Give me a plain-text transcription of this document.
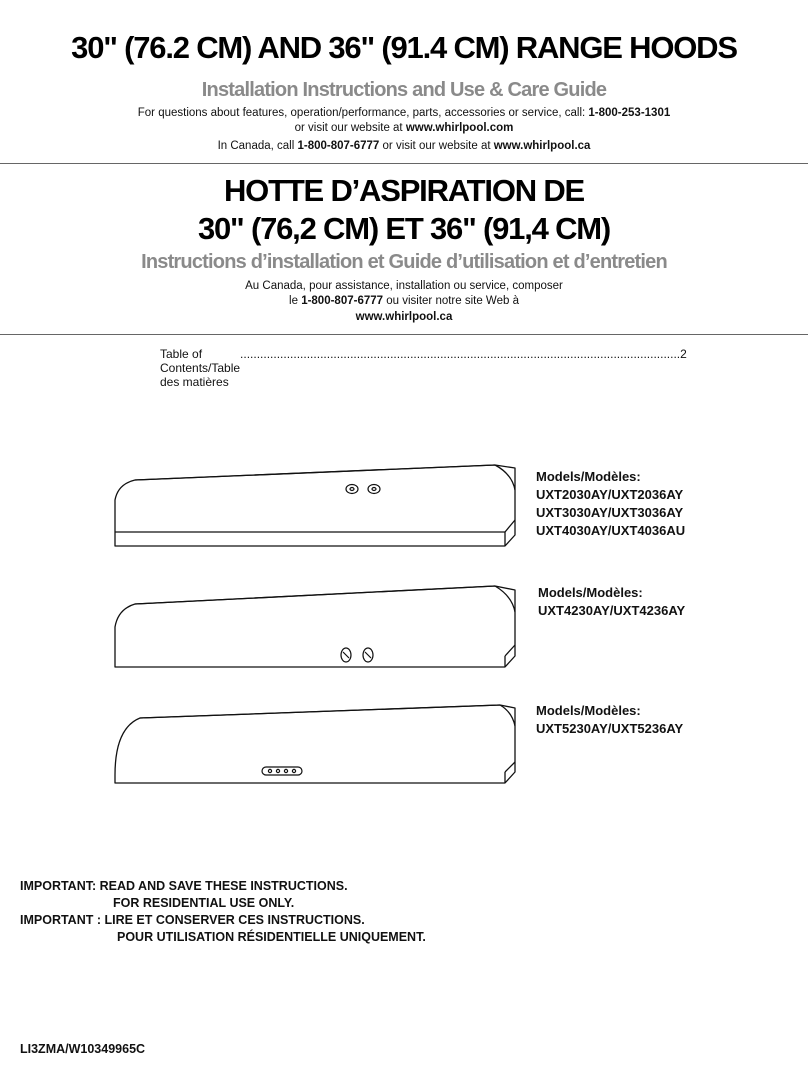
30" (76.2 CM) AND 36" (91.4 CM) RANGE HOODS
Installation Instructions and Use & Care Guide
For questions about features, operation/performance, parts, accessories or service, call: 1-800-253-1301
or visit our website at www.whirlpool.com
In Canada, call 1-800-807-6777 or visit our website at www.whirlpool.ca
HOTTE D’ASPIRATION DE
30" (76,2 CM) ET 36" (91,4 CM)
Instructions d’installation et Guide d’utilisation et d’entretien
Au Canada, pour assistance, installation ou service, composer
le 1-800-807-6777 ou visiter notre site Web à
www.whirlpool.ca
Table of Contents/Table des matières
.................................................................................................................................... 2
Models/Modèles:
UXT2030AY/UXT2036AY
UXT3030AY/UXT3036AY
UXT4030AY/UXT4036AU
Models/Modèles:
UXT4230AY/UXT4236AY
Models/Modèles:
UXT5230AY/UXT5236AY
IMPORTANT: READ AND SAVE THESE INSTRUCTIONS.
FOR RESIDENTIAL USE ONLY.
IMPORTANT : LIRE ET CONSERVER CES INSTRUCTIONS.
POUR UTILISATION RÉSIDENTIELLE UNIQUEMENT.
LI3ZMA/W10349965C
